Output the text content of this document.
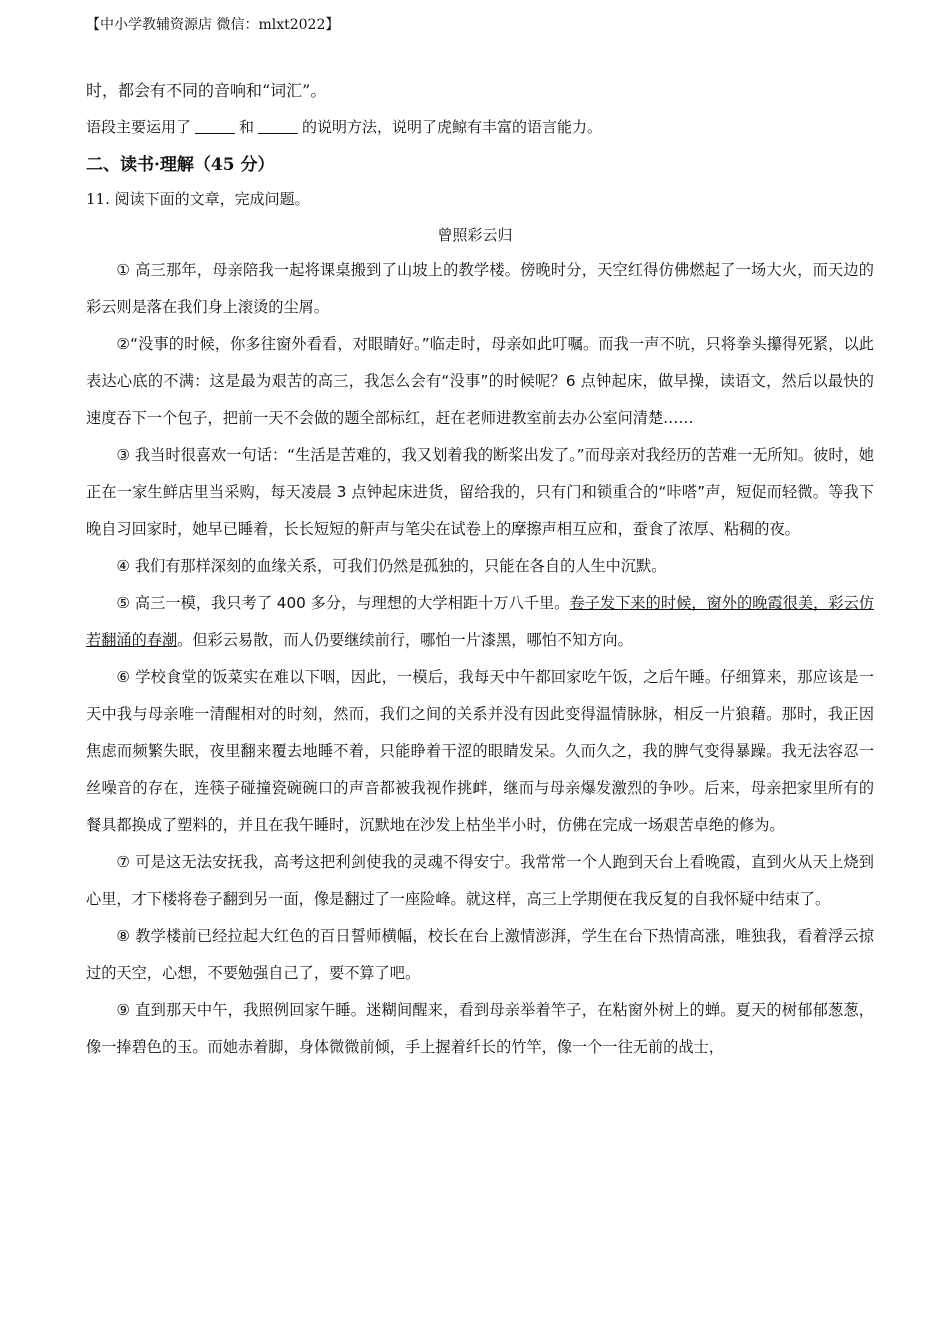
【中小学教辅资源店 微信：mlxt2022】
时，都会有不同的音响和“词汇”。
语段主要运用了	和	的说明方法，说明了虎鲸有丰富的语言能力。
二、读书·理解（45 分）
11. 阅读下面的文章，完成问题。
曾照彩云归

① 高三那年，母亲陪我一起将课桌搬到了山坡上的教学楼。傍晚时分，天空红得仿佛燃起了一场大火，而天边的彩云则是落在我们身上滚烫的尘屑。

②“没事的时候，你多往窗外看看，对眼睛好。”临走时，母亲如此叮嘱。而我一声不吭，只将拳头攥得死紧，以此表达心底的不满：这是最为艰苦的高三，我怎么会有“没事”的时候呢？6 点钟起床，做早操，读语文，然后以最快的速度吞下一个包子，把前一天不会做的题全部标红，赶在老师进教室前去办公室问清楚……

③ 我当时很喜欢一句话：“生活是苦难的，我又划着我的断桨出发了。”而母亲对我经历的苦难一无所知。彼时，她正在一家生鲜店里当采购，每天凌晨 3 点钟起床进货，留给我的，只有门和锁重合的“咔嗒”声，短促而轻微。等我下晚自习回家时，她早已睡着，长长短短的鼾声与笔尖在试卷上的摩擦声相互应和，蚕食了浓厚、粘稠的夜。

④ 我们有那样深刻的血缘关系，可我们仍然是孤独的，只能在各自的人生中沉默。

⑤ 高三一模，我只考了 400 多分，与理想的大学相距十万八千里。卷子发下来的时候，窗外的晚霞很美，彩云仿若翻涌的春潮。但彩云易散，而人仍要继续前行，哪怕一片漆黑，哪怕不知方向。

⑥ 学校食堂的饭菜实在难以下咽，因此，一模后，我每天中午都回家吃午饭，之后午睡。仔细算来，那应该是一天中我与母亲唯一清醒相对的时刻，然而，我们之间的关系并没有因此变得温情脉脉，相反一片狼藉。那时，我正因焦虑而频繁失眠，夜里翻来覆去地睡不着，只能睁着干涩的眼睛发呆。久而久之，我的脾气变得暴躁。我无法容忍一丝噪音的存在，连筷子碰撞瓷碗碗口的声音都被我视作挑衅，继而与母亲爆发激烈的争吵。后来，母亲把家里所有的餐具都换成了塑料的，并且在我午睡时，沉默地在沙发上枯坐半小时，仿佛在完成一场艰苦卓绝的修为。

⑦ 可是这无法安抚我，高考这把利剑使我的灵魂不得安宁。我常常一个人跑到天台上看晚霞，直到火从天上烧到心里，才下楼将卷子翻到另一面，像是翻过了一座险峰。就这样，高三上学期便在我反复的自我怀疑中结束了。

⑧ 教学楼前已经拉起大红色的百日誓师横幅，校长在台上激情澎湃，学生在台下热情高涨，唯独我，看着浮云掠过的天空，心想，不要勉强自己了，要不算了吧。

⑨ 直到那天中午，我照例回家午睡。迷糊间醒来，看到母亲举着竿子，在粘窗外树上的蝉。夏天的树郁郁葱葱，像一捧碧色的玉。而她赤着脚，身体微微前倾，手上握着纤长的竹竿，像一个一往无前的战士，
